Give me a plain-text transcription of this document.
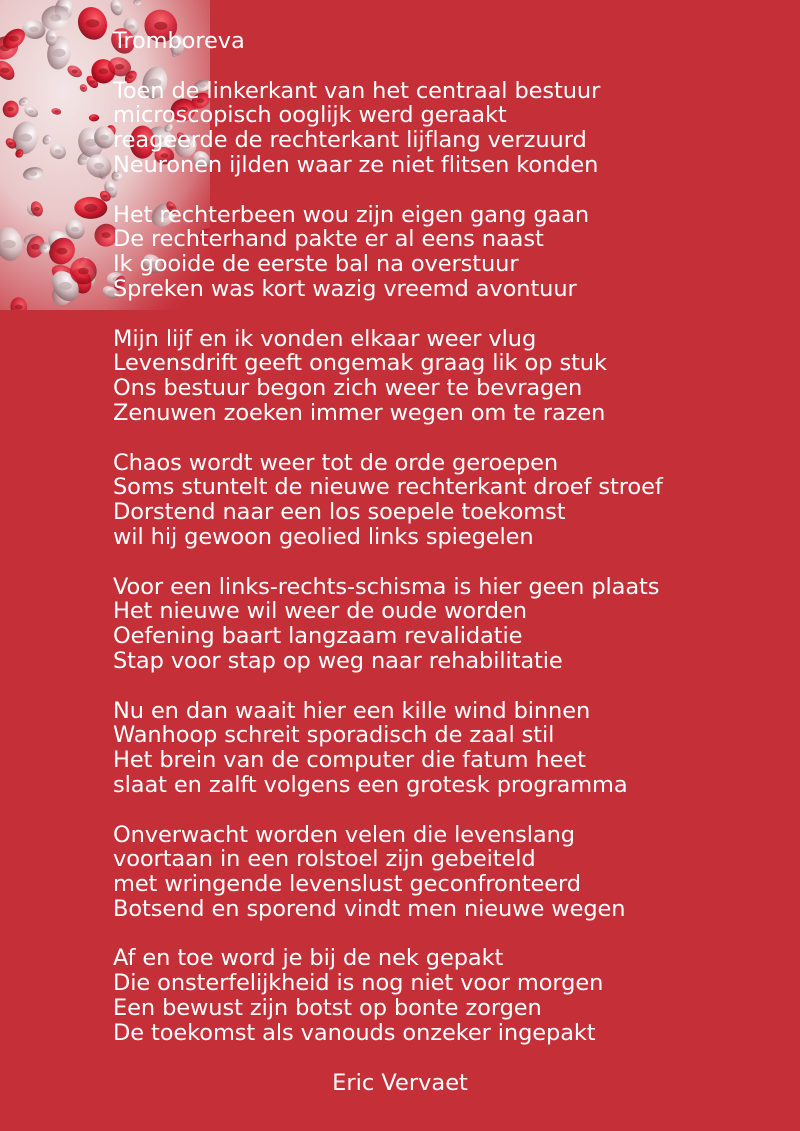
Tromboreva
Toen de linkerkant van het centraal bestuur
microscopisch ooglijk werd geraakt
reageerde de rechterkant lijflang verzuurd
Neuronen ijlden waar ze niet flitsen konden
Het rechterbeen wou zijn eigen gang gaan
De rechterhand pakte er al eens naast
Ik gooide de eerste bal na overstuur
Spreken was kort wazig vreemd avontuur
Mijn lijf en ik vonden elkaar weer vlug
Levensdrift geeft ongemak graag lik op stuk
Ons bestuur begon zich weer te bevragen
Zenuwen zoeken immer wegen om te razen
Chaos wordt weer tot de orde geroepen
Soms stuntelt de nieuwe rechterkant droef stroef
Dorstend naar een los soepele toekomst
wil hij gewoon geolied links spiegelen
Voor een links-rechts-schisma is hier geen plaats
Het nieuwe wil weer de oude worden
Oefening baart langzaam revalidatie
Stap voor stap op weg naar rehabilitatie
Nu en dan waait hier een kille wind binnen
Wanhoop schreit sporadisch de zaal stil
Het brein van de computer die fatum heet
slaat en zalft volgens een grotesk programma
Onverwacht worden velen die levenslang
voortaan in een rolstoel zijn gebeiteld
met wringende levenslust geconfronteerd
Botsend en sporend vindt men nieuwe wegen
Af en toe word je bij de nek gepakt
Die onsterfelijkheid is nog niet voor morgen
Een bewust zijn botst op bonte zorgen
De toekomst als vanouds onzeker ingepakt
Eric Vervaet
